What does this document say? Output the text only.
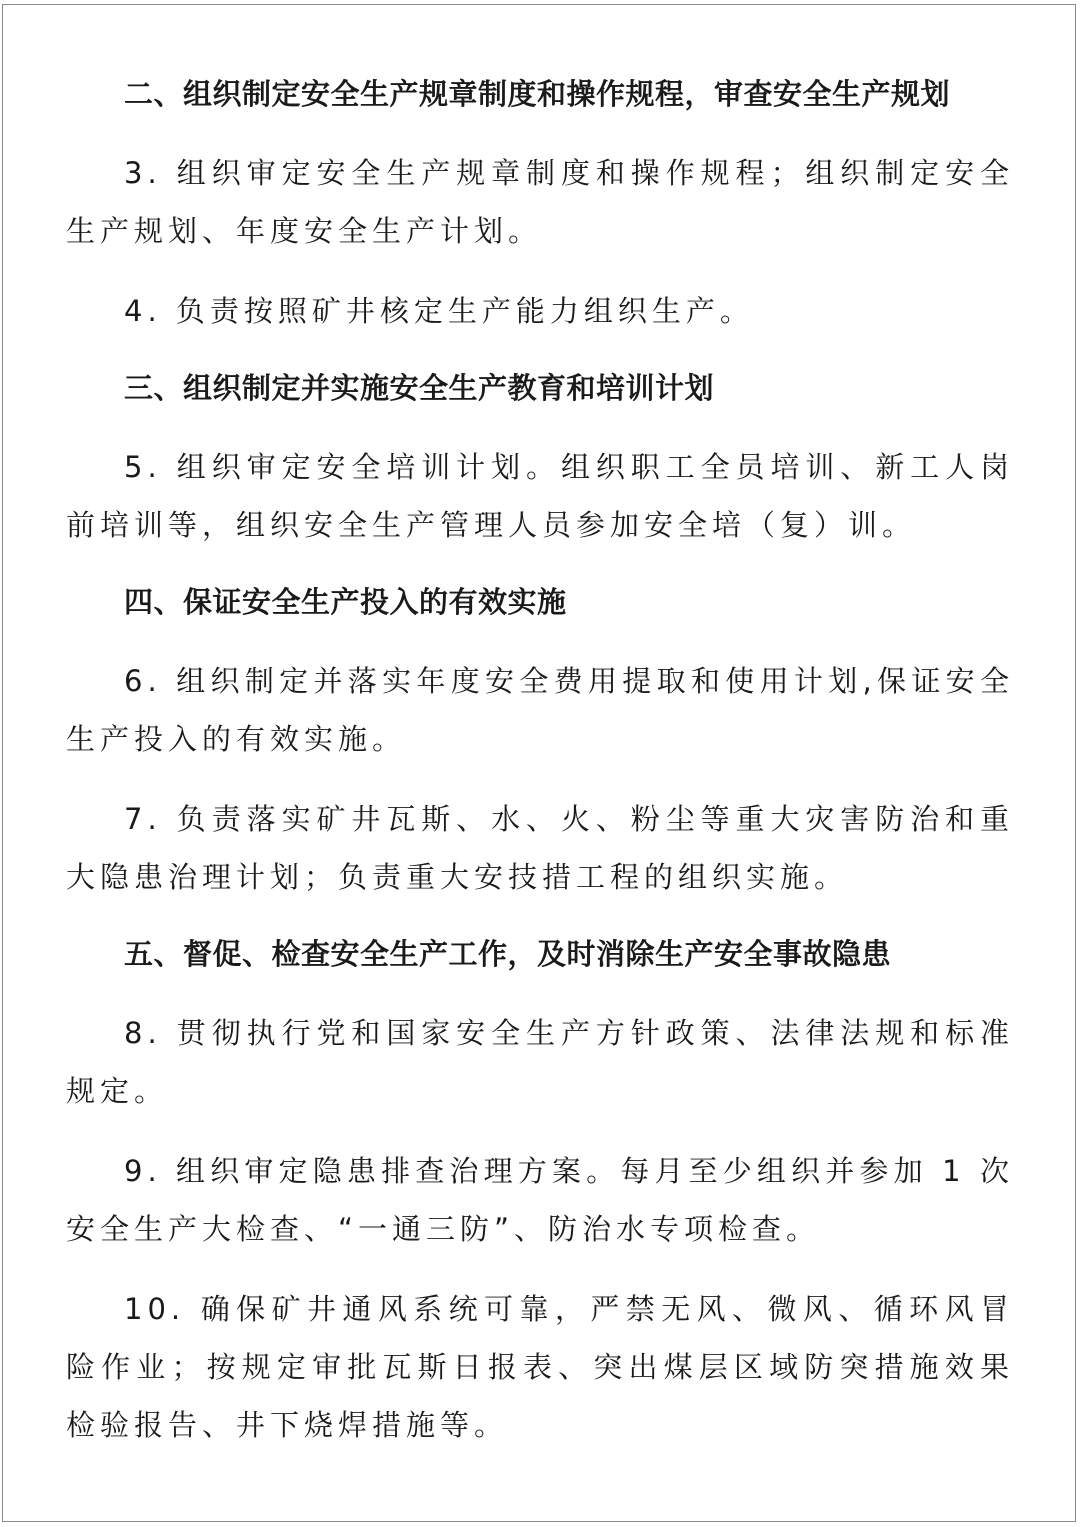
二、组织制定安全生产规章制度和操作规程，审查安全生产规划

3. 组织审定安全生产规章制度和操作规程；组织制定安全生产规划、年度安全生产计划。

4. 负责按照矿井核定生产能力组织生产。

三、组织制定并实施安全生产教育和培训计划

5. 组织审定安全培训计划。组织职工全员培训、新工人岗前培训等，组织安全生产管理人员参加安全培（复）训。

四、保证安全生产投入的有效实施

6. 组织制定并落实年度安全费用提取和使用计划,保证安全生产投入的有效实施。

7. 负责落实矿井瓦斯、水、火、粉尘等重大灾害防治和重大隐患治理计划；负责重大安技措工程的组织实施。

五、督促、检查安全生产工作，及时消除生产安全事故隐患

8. 贯彻执行党和国家安全生产方针政策、法律法规和标准规定。

9. 组织审定隐患排查治理方案。每月至少组织并参加 1 次安全生产大检查、“一通三防”、防治水专项检查。

10. 确保矿井通风系统可靠，严禁无风、微风、循环风冒险作业；按规定审批瓦斯日报表、突出煤层区域防突措施效果检验报告、井下烧焊措施等。
